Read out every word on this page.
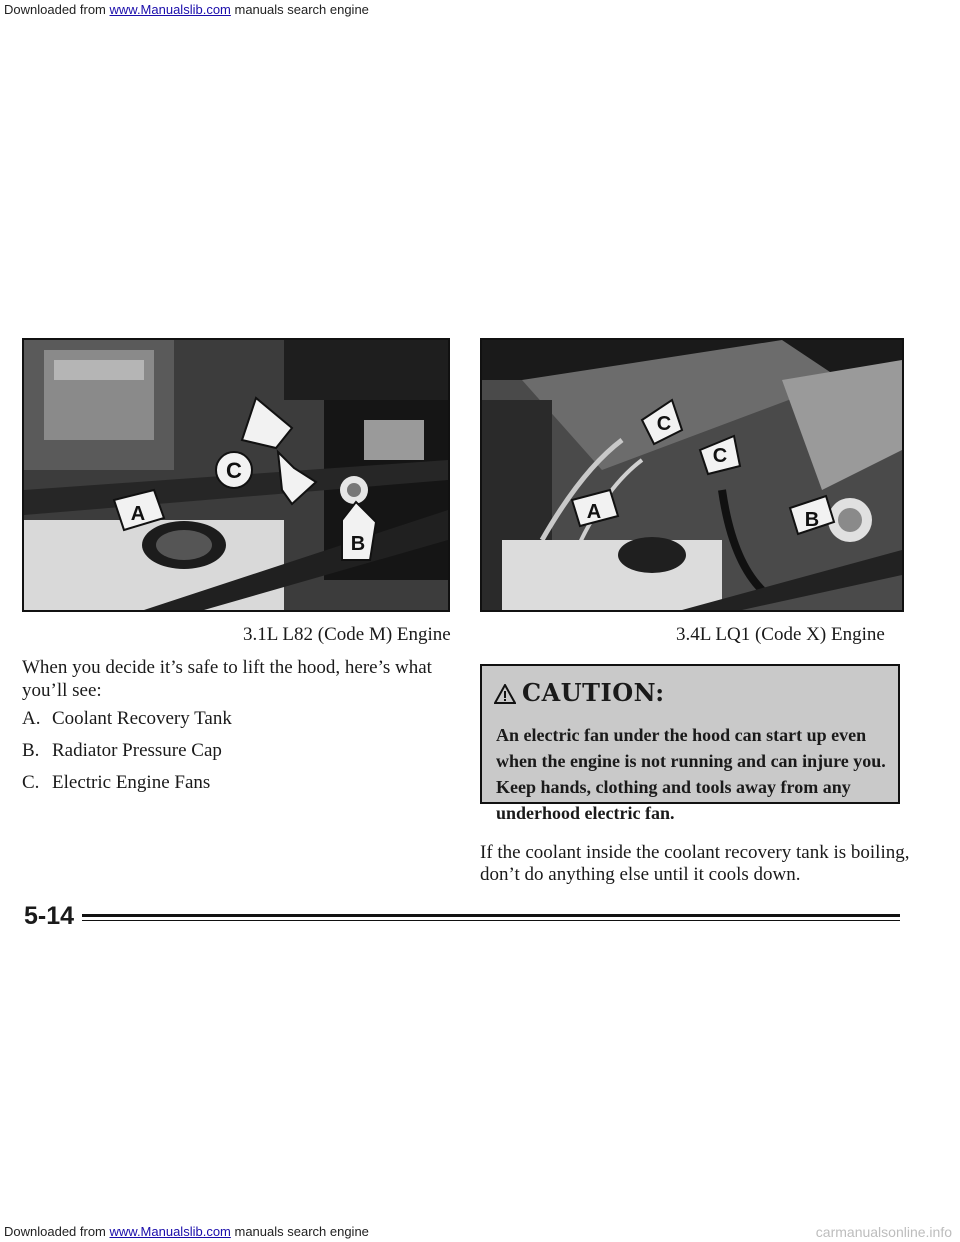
Downloaded from www.Manualslib.com manuals search engine
C
A
B
C
C
A	B
3.1L L82 (Code M) Engine	3.4L LQ1 (Code X) Engine
When you decide it’s safe to lift the hood, here’s what you’ll see:
A. Coolant Recovery Tank
B. Radiator Pressure Cap
C. Electric Engine Fans
CAUTION:
An electric fan under the hood can start up even when the engine is not running and can injure you. Keep hands, clothing and tools away from any underhood electric fan.
If the coolant inside the coolant recovery tank is boiling, don’t do anything else until it cools down.
5-14
Downloaded from www.Manualslib.com manuals search engine	carmanualsonline.info
